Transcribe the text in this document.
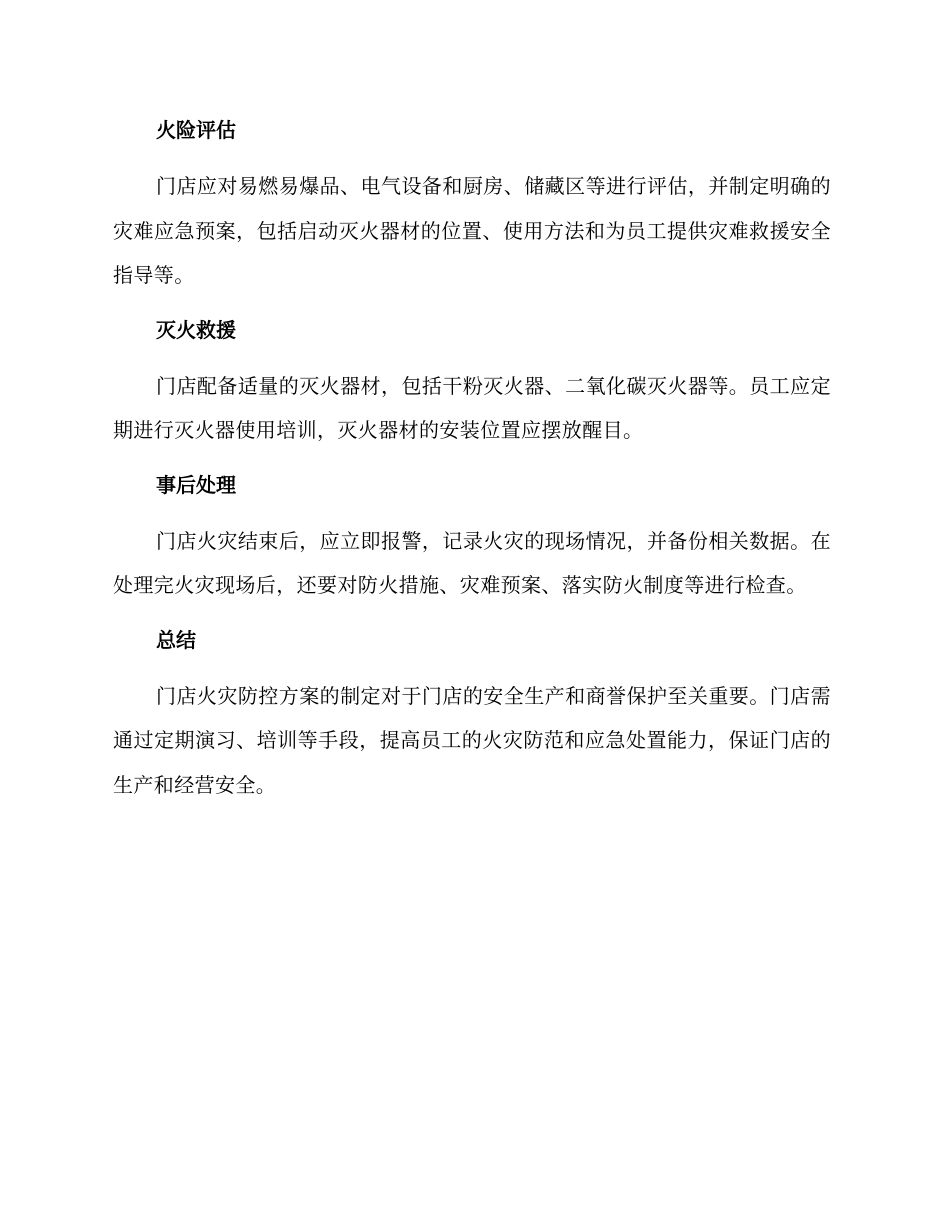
火险评估

门店应对易燃易爆品、电气设备和厨房、储藏区等进行评估，并制定明确的灾难应急预案，包括启动灭火器材的位置、使用方法和为员工提供灾难救援安全指导等。

灭火救援

门店配备适量的灭火器材，包括干粉灭火器、二氧化碳灭火器等。员工应定期进行灭火器使用培训，灭火器材的安装位置应摆放醒目。

事后处理

门店火灾结束后，应立即报警，记录火灾的现场情况，并备份相关数据。在处理完火灾现场后，还要对防火措施、灾难预案、落实防火制度等进行检查。

总结

门店火灾防控方案的制定对于门店的安全生产和商誉保护至关重要。门店需通过定期演习、培训等手段，提高员工的火灾防范和应急处置能力，保证门店的生产和经营安全。
